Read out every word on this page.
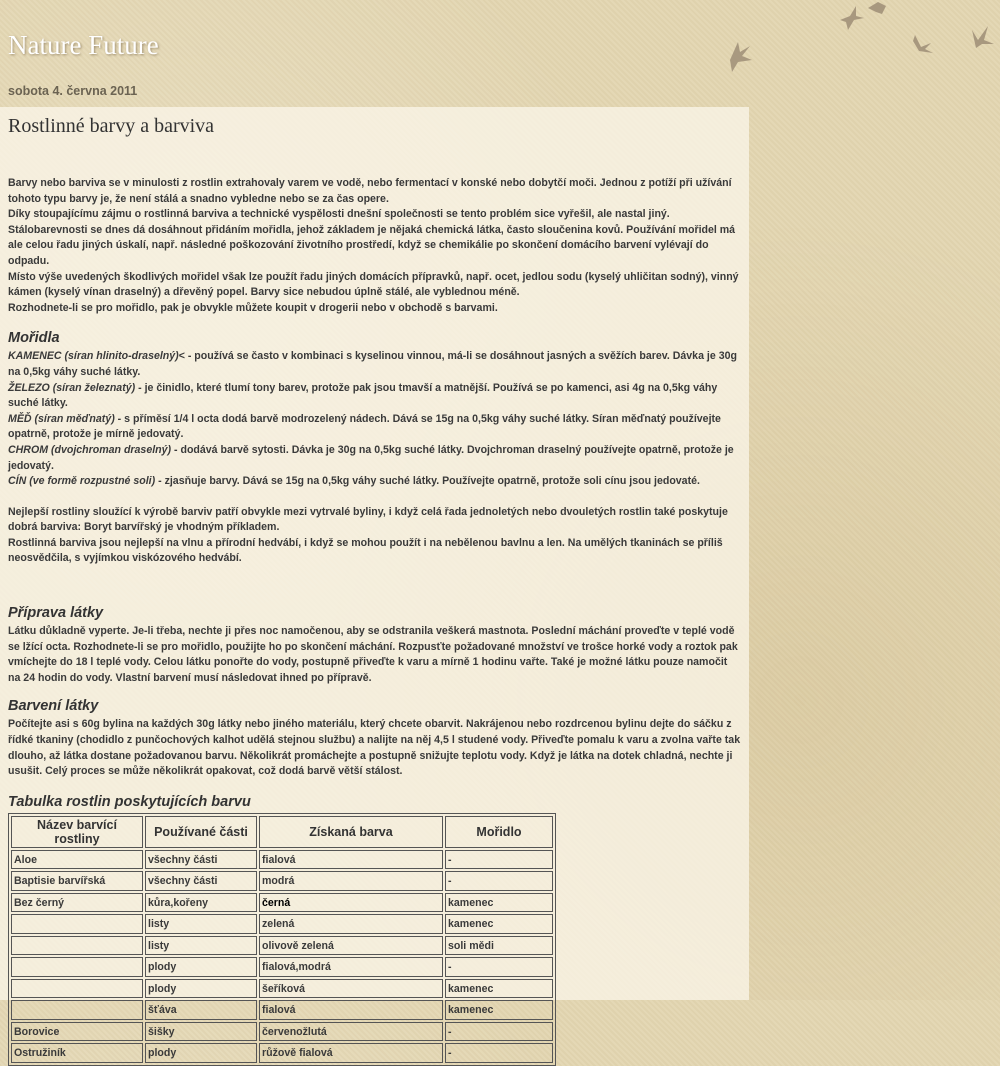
Nature Future
sobota 4. června 2011
Rostlinné barvy a barviva

Barvy nebo barviva se v minulosti z rostlin extrahovaly varem ve vodě, nebo fermentací v konské nebo dobytčí moči. Jednou z potíží při užívání tohoto typu barvy je, že není stálá a snadno vybledne nebo se za čas opere.

Díky stoupajícímu zájmu o rostlinná barviva a technické vyspělosti dnešní společnosti se tento problém sice vyřešil, ale nastal jiný. Stálobarevnosti se dnes dá dosáhnout přidáním mořidla, jehož základem je nějaká chemická látka, často sloučenina kovů. Používání mořidel má ale celou řadu jiných úskalí, např. následné poškozování životního prostředí, když se chemikálie po skončení domácího barvení vylévají do odpadu.

Místo výše uvedených škodlivých mořidel však lze použít řadu jiných domácích přípravků, např. ocet, jedlou sodu (kyselý uhličitan sodný), vinný kámen (kyselý vínan draselný) a dřevěný popel. Barvy sice nebudou úplně stálé, ale vyblednou méně.

Rozhodnete-li se pro mořidlo, pak je obvykle můžete koupit v drogerii nebo v obchodě s barvami.

Mořidla

KAMENEC (síran hlinito-draselný)< - používá se často v kombinaci s kyselinou vinnou, má-li se dosáhnout jasných a svěžích barev. Dávka je 30g na 0,5kg váhy suché látky.

ŽELEZO (síran železnatý) - je činidlo, které tlumí tony barev, protože pak jsou tmavší a matnější. Používá se po kamenci, asi 4g na 0,5kg váhy suché látky.

MĚĎ (síran měďnatý) - s příměsí 1/4 l octa dodá barvě modrozelený nádech. Dává se 15g na 0,5kg váhy suché látky. Síran měďnatý používejte opatrně, protože je mírně jedovatý.

CHROM (dvojchroman draselný) - dodává barvě sytosti. Dávka je 30g na 0,5kg suché látky. Dvojchroman draselný používejte opatrně, protože je jedovatý.

CÍN (ve formě rozpustné soli) - zjasňuje barvy. Dává se 15g na 0,5kg váhy suché látky. Používejte opatrně, protože soli cínu jsou jedovaté.

Nejlepší rostliny sloužící k výrobě barviv patří obvykle mezi vytrvalé byliny, i když celá řada jednoletých nebo dvouletých rostlin také poskytuje dobrá barviva: Boryt barvířský je vhodným příkladem.

Rostlinná barviva jsou nejlepší na vlnu a přírodní hedvábí, i když se mohou použít i na nebělenou bavlnu a len. Na umělých tkaninách se příliš neosvědčila, s vyjímkou viskózového hedvábí.

Příprava látky

Látku důkladně vyperte. Je-li třeba, nechte ji přes noc namočenou, aby se odstranila veškerá mastnota. Poslední máchání proveďte v teplé vodě se lžící octa. Rozhodnete-li se pro mořidlo, použijte ho po skončení máchání. Rozpusťte požadované množství ve trošce horké vody a roztok pak vmíchejte do 18 l teplé vody. Celou látku ponořte do vody, postupně přiveďte k varu a mírně 1 hodinu vařte. Také je možné látku pouze namočit na 24 hodin do vody. Vlastní barvení musí následovat ihned po přípravě.

Barvení látky

Počítejte asi s 60g bylina na každých 30g látky nebo jiného materiálu, který chcete obarvit. Nakrájenou nebo rozdrcenou bylinu dejte do sáčku z řídké tkaniny (chodidlo z punčochových kalhot udělá stejnou službu) a nalijte na něj 4,5 l studené vody. Přiveďte pomalu k varu a zvolna vařte tak dlouho, až látka dostane požadovanou barvu. Několikrát promáchejte a postupně snižujte teplotu vody. Když je látka na dotek chladná, nechte ji usušit. Celý proces se může několikrát opakovat, což dodá barvě větší stálost.

Tabulka rostlin poskytujících barvu
Název barvící rostliny	Používané části	Získaná barva	Mořidlo
Aloe	všechny části	fialová	-
Baptisie barvířská	všechny části	modrá	-
Bez černý	kůra,kořeny	černá	kamenec
	listy	zelená	kamenec
	listy	olivově zelená	soli mědi
	plody	fialová,modrá	-
	plody	šeříková	kamenec
	šťáva	fialová	kamenec
Borovice	šišky	červenožlutá	-
Ostružiník	plody	růžově fialová	-
